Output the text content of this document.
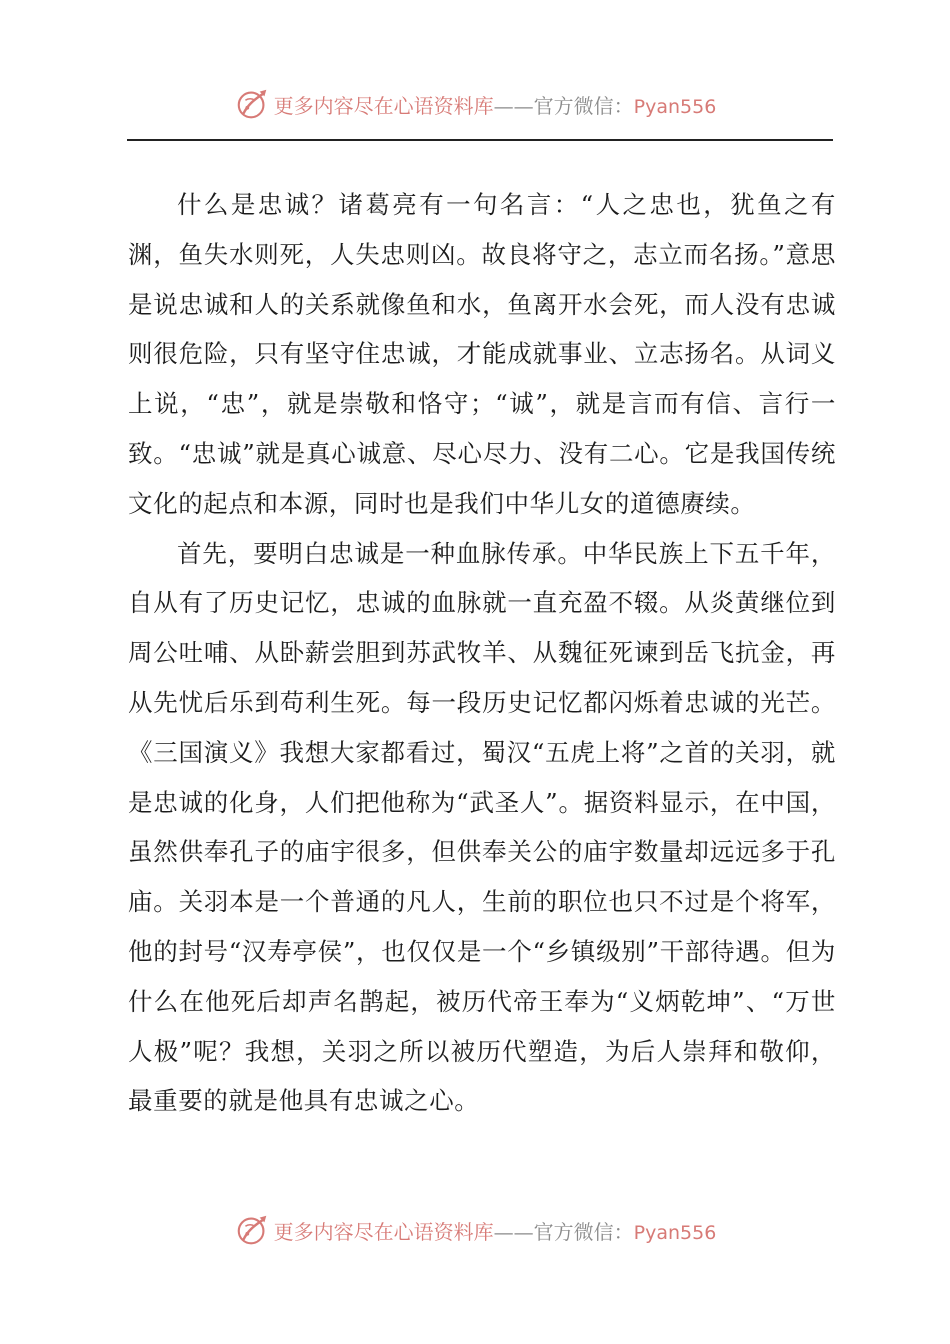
更多内容尽在心语资料库——官方微信：Pyan556

什么是忠诚？诸葛亮有一句名言：“人之忠也，犹鱼之有渊，鱼失水则死，人失忠则凶。故良将守之，志立而名扬。”意思是说忠诚和人的关系就像鱼和水，鱼离开水会死，而人没有忠诚则很危险，只有坚守住忠诚，才能成就事业、立志扬名。从词义上说，“忠”，就是崇敬和恪守；“诚”，就是言而有信、言行一致。“忠诚”就是真心诚意、尽心尽力、没有二心。它是我国传统文化的起点和本源，同时也是我们中华儿女的道德赓续。

首先，要明白忠诚是一种血脉传承。中华民族上下五千年，自从有了历史记忆，忠诚的血脉就一直充盈不辍。从炎黄继位到周公吐哺、从卧薪尝胆到苏武牧羊、从魏征死谏到岳飞抗金，再从先忧后乐到苟利生死。每一段历史记忆都闪烁着忠诚的光芒。《三国演义》我想大家都看过，蜀汉“五虎上将”之首的关羽，就是忠诚的化身，人们把他称为“武圣人”。据资料显示，在中国，虽然供奉孔子的庙宇很多，但供奉关公的庙宇数量却远远多于孔庙。关羽本是一个普通的凡人，生前的职位也只不过是个将军，他的封号“汉寿亭侯”，也仅仅是一个“乡镇级别”干部待遇。但为什么在他死后却声名鹊起，被历代帝王奉为“义炳乾坤”、“万世人极”呢？我想，关羽之所以被历代塑造，为后人崇拜和敬仰，最重要的就是他具有忠诚之心。

更多内容尽在心语资料库——官方微信：Pyan556
